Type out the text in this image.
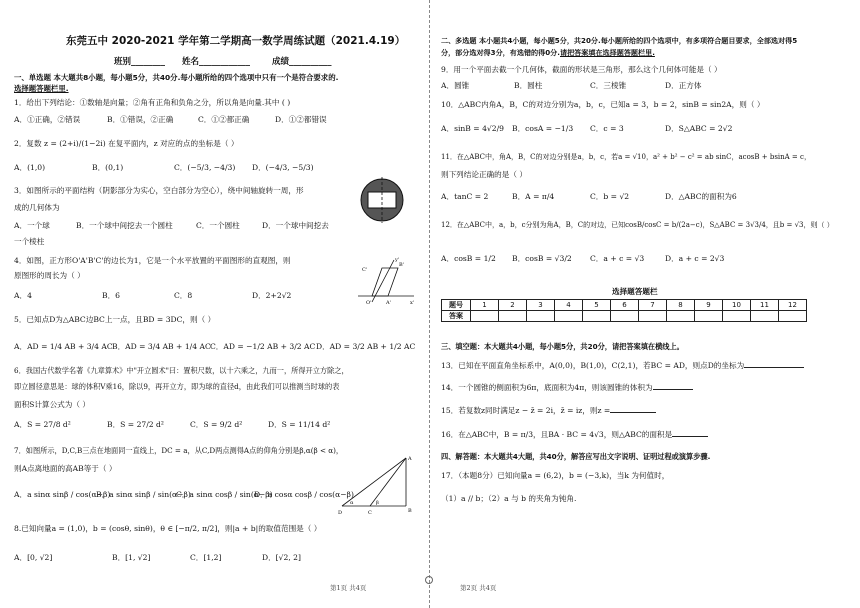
东莞五中 2020-2021 学年第二学期高一数学周练试题（2021.4.19）
班别________ 姓名____________	成绩__________
一、单选题 本大题共8小题，每小题5分，共40分.每小题所给的四个选项中只有一个是符合要求的.
选择题答题栏里.
1．给出下列结论：①数轴是向量；②角有正角和负角之分，所以角是向量.其中 ( )
A．①正确，②错误	B．①错误，②正确	C．①②都正确	D．①②都错误
2．复数 z = (2+i)/(1−2i) 在复平面内，z 对应的点的坐标是（ ）
A．(1,0)	B．(0,1)	C．(−5/3, −4/3) D．(−4/3, −5/3)
3．如图所示的平面结构（阴影部分为实心，空白部分为空心），绕中间轴旋转一周，形
成的几何体为
A．一个球	B．一个球中间挖去一个圆柱	C．一个圆柱	D．一个球中间挖去
一个棱柱
4．如图，正方形O'A'B'C'的边长为1，它是一个水平放置的平面图形的直观图，则
原图形的周长为（ ）
A．4	B．6	C．8	D．2+2√2
C'
B'
O'	A'	x'
y'
5．已知点D为△ABC边BC上一点，且BD = 3DC，则（ ）
A．AD = 1/4 AB + 3/4 AC B．AD = 3/4 AB + 1/4 AC C．AD = −1/2 AB + 3/2 AC D．AD = 3/2 AB + 1/2 AC
6．我国古代数学名著《九章算术》中"开立圆术"曰：置积尺数，以十六乘之，九而一，所得开立方除之，
即立圆径意思是：球的体积V乘16，除以9，再开立方，即为球的直径d，由此我们可以推测当时球的表
面积S计算公式为（ ）
A．S = 27/8 d²	B．S = 27/2 d²	C．S = 9/2 d²	D．S = 11/14 d²
7．如图所示，D,C,B三点在地面同一直线上，DC = a，从C,D两点测得A点的仰角分别是β,α(β < α)，
则A点离地面的高AB等于（ ）
A．a sinα sinβ / cos(α−β)
B．a sinα sinβ / sin(α−β)
C．a sinα cosβ / sin(α−β)
D．a cosα cosβ / cos(α−β)
A
B
C
D
α	β
8.已知向量a = (1,0)，b = (cosθ, sinθ)，θ ∈ [−π/2, π/2]，则|a + b|的取值范围是（ ）
A．[0, √2]	B．[1, √2]	C．[1,2]	D．[√2, 2]
第1页 共4页
二、多选题 本小题共4小题，每小题5分，共20分.每小题所给的四个选项中，有多项符合题目要求，全部选对得5
分，部分选对得3分，有选错的得0分.请把答案填在选择题答题栏里.
9．用一个平面去截一个几何体，截面的形状是三角形，那么这个几何体可能是（ ）
A．圆锥	B．圆柱	C．三棱锥	D．正方体
10．△ABC内角A，B，C的对边分别为a，b，c，已知a = 3，b = 2，sinB = sin2A，则（ ）
A．sinB = 4√2/9 B．cosA = −1/3 C．c = 3	D．S△ABC = 2√2
11．在△ABC中，角A，B，C的对边分别是a，b，c，若a = √10，a² + b² − c² = ab sinC，acosB + bsinA = c，
则下列结论正确的是（ ）
A．tanC = 2	B．A = π/4	C．b = √2	D．△ABC的面积为6
12．在△ABC中，a，b，c分别为角A，B，C的对边，已知cosB/cosC = b/(2a−c)，S△ABC = 3√3/4，且b = √3，则（ ）
A．cosB = 1/2 B．cosB = √3/2 C．a + c = √3	D．a + c = 2√3
选择题答题栏
题号	1	2	3	4	5	6	7	8	9	10	11	12
答案												
三、填空题：本大题共4小题，每小题5分，共20分，请把答案填在横线上。
13．已知在平面直角坐标系中，A(0,0)，B(1,0)，C(2,1)，若BC = AD，则点D的坐标为
14．一个圆锥的侧面积为6π，底面积为4π，则该圆锥的体积为
15．若复数z同时满足z − z̄ = 2i，z̄ = iz，则z =
16．在△ABC中，B = π/3，且BA · BC = 4√3，则△ABC的面积是
四、解答题：本大题共4大题，共40分，解答应写出文字说明、证明过程或演算步骤.
17．（本题8分）已知向量a = (6,2)，b = (−3,k)，当k 为何值时，
（1）a // b；（2）a 与 b 的夹角为钝角.
第2页 共4页
